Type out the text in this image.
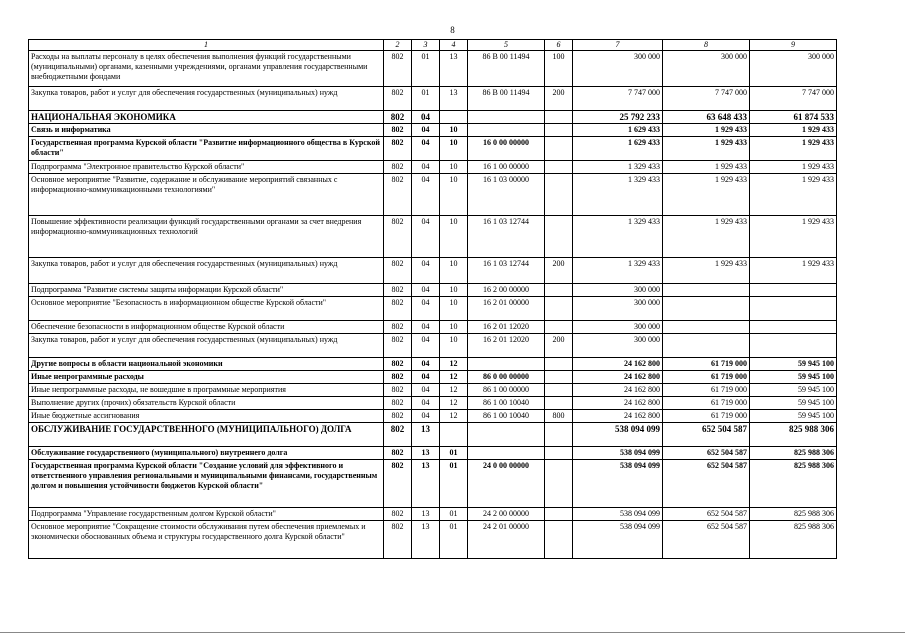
8
1	2	3	4	5	6	7	8	9
Расходы на выплаты персоналу в целях обеспечения выполнения функций государственными (муниципальными) органами, казенными учреждениями, органами управления государственными внебюджетными фондами	802	01	13	86 В 00 11494	100	300 000	300 000	300 000
Закупка товаров, работ и услуг для обеспечения государственных (муниципальных) нужд	802	01	13	86 В 00 11494	200	7 747 000	7 747 000	7 747 000
НАЦИОНАЛЬНАЯ ЭКОНОМИКА	802	04				25 792 233	63 648 433	61 874 533
Связь и информатика	802	04	10			1 629 433	1 929 433	1 929 433
Государственная программа Курской области "Развитие информационного общества в Курской области"	802	04	10	16 0 00 00000		1 629 433	1 929 433	1 929 433
Подпрограмма "Электронное правительство Курской области"	802	04	10	16 1 00 00000		1 329 433	1 929 433	1 929 433
Основное мероприятие "Развитие, содержание и обслуживание мероприятий связанных с информационно-коммуникационными технологиями"	802	04	10	16 1 03 00000		1 329 433	1 929 433	1 929 433
Повышение эффективности реализации функций государственными органами за счет внедрения информационно-коммуникационных технологий	802	04	10	16 1 03 12744		1 329 433	1 929 433	1 929 433
Закупка товаров, работ и услуг для обеспечения государственных (муниципальных) нужд	802	04	10	16 1 03 12744	200	1 329 433	1 929 433	1 929 433
Подпрограмма "Развитие системы защиты информации Курской области"	802	04	10	16 2 00 00000		300 000		
Основное мероприятие "Безопасность в информационном обществе Курской области"	802	04	10	16 2 01 00000		300 000		
Обеспечение безопасности в информационном обществе Курской области	802	04	10	16 2 01 12020		300 000		
Закупка товаров, работ и услуг для обеспечения государственных (муниципальных) нужд	802	04	10	16 2 01 12020	200	300 000		
Другие вопросы в области национальной экономики	802	04	12			24 162 800	61 719 000	59 945 100
Иные непрограммные расходы	802	04	12	86 0 00 00000		24 162 800	61 719 000	59 945 100
Иные непрограммные расходы, не вошедшие в программные мероприятия	802	04	12	86 1 00 00000		24 162 800	61 719 000	59 945 100
Выполнение других (прочих) обязательств Курской области	802	04	12	86 1 00 10040		24 162 800	61 719 000	59 945 100
Иные бюджетные ассигнования	802	04	12	86 1 00 10040	800	24 162 800	61 719 000	59 945 100
ОБСЛУЖИВАНИЕ ГОСУДАРСТВЕННОГО (МУНИЦИПАЛЬНОГО) ДОЛГА	802	13				538 094 099	652 504 587	825 988 306
Обслуживание государственного (муниципального) внутреннего долга	802	13	01			538 094 099	652 504 587	825 988 306
Государственная программа Курской области "Создание условий для эффективного и ответственного управления региональными и муниципальными финансами, государственным долгом и повышения устойчивости бюджетов Курской области"	802	13	01	24 0 00 00000		538 094 099	652 504 587	825 988 306
Подпрограмма "Управление государственным долгом Курской области"	802	13	01	24 2 00 00000		538 094 099	652 504 587	825 988 306
Основное мероприятие "Сокращение стоимости обслуживания путем обеспечения приемлемых и экономически обоснованных объема и структуры государственного долга Курской области"	802	13	01	24 2 01 00000		538 094 099	652 504 587	825 988 306
